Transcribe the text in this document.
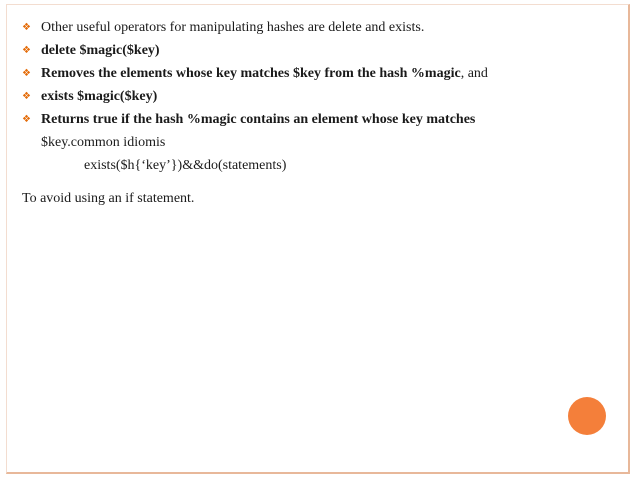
❖ Other useful operators for manipulating hashes are delete and exists.
❖ delete $magic($key)
❖ Removes the elements whose key matches $key from the hash %magic, and
❖ exists $magic($key)
❖ Returns true if the hash %magic contains an element whose key matches
$key.common idiomis
exists($h{‘key’})&&do(statements)
To avoid using an if statement.
